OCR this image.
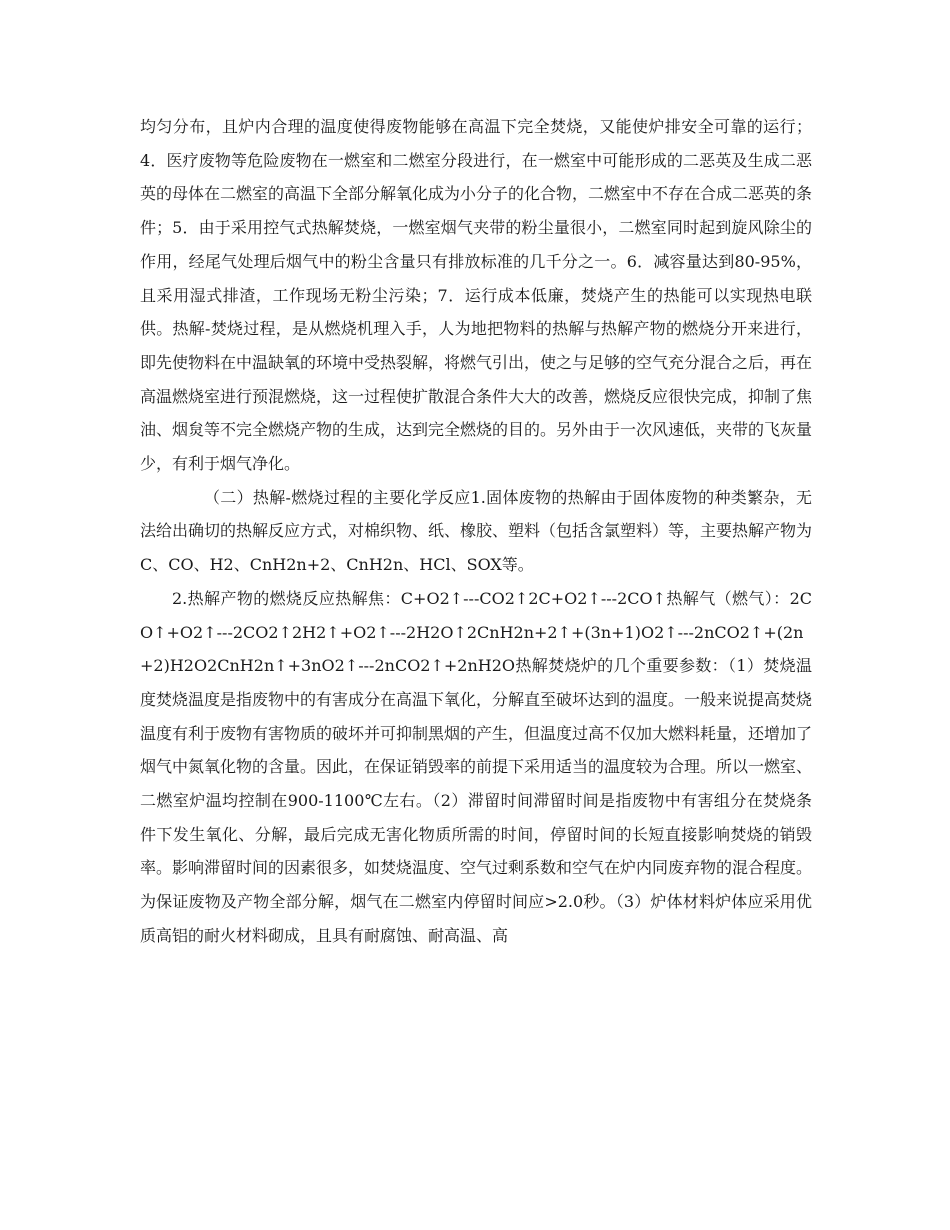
均匀分布，且炉内合理的温度使得废物能够在高温下完全焚烧，又能使炉排安全可靠的运行；4．医疗废物等危险废物在一燃室和二燃室分段进行，在一燃室中可能形成的二恶英及生成二恶英的母体在二燃室的高温下全部分解氧化成为小分子的化合物，二燃室中不存在合成二恶英的条件；5．由于采用控气式热解焚烧，一燃室烟气夹带的粉尘量很小，二燃室同时起到旋风除尘的作用，经尾气处理后烟气中的粉尘含量只有排放标准的几千分之一。6．减容量达到80-95%，且采用湿式排渣，工作现场无粉尘污染；7．运行成本低廉，焚烧产生的热能可以实现热电联供。热解-焚烧过程，是从燃烧机理入手，人为地把物料的热解与热解产物的燃烧分开来进行，即先使物料在中温缺氧的环境中受热裂解，将燃气引出，使之与足够的空气充分混合之后，再在高温燃烧室进行预混燃烧，这一过程使扩散混合条件大大的改善，燃烧反应很快完成，抑制了焦油、烟炱等不完全燃烧产物的生成，达到完全燃烧的目的。另外由于一次风速低，夹带的飞灰量少，有利于烟气净化。

（二）热解-燃烧过程的主要化学反应1.固体废物的热解由于固体废物的种类繁杂，无法给出确切的热解反应方式，对棉织物、纸、橡胶、塑料（包括含氯塑料）等，主要热解产物为C、CO、H2、CnH2n+2、CnH2n、HCl、SOX等。

2.热解产物的燃烧反应热解焦：C+O2↑---CO2↑2C+O2↑---2CO↑热解气（燃气）：2CO↑+O2↑---2CO2↑2H2↑+O2↑---2H2O↑2CnH2n+2↑+(3n+1)O2↑---2nCO2↑+(2n+2)H2O2CnH2n↑+3nO2↑---2nCO2↑+2nH2O热解焚烧炉的几个重要参数：（1）焚烧温度焚烧温度是指废物中的有害成分在高温下氧化，分解直至破坏达到的温度。一般来说提高焚烧温度有利于废物有害物质的破坏并可抑制黑烟的产生，但温度过高不仅加大燃料耗量，还增加了烟气中氮氧化物的含量。因此，在保证销毁率的前提下采用适当的温度较为合理。所以一燃室、二燃室炉温均控制在900-1100℃左右。（2）滞留时间滞留时间是指废物中有害组分在焚烧条件下发生氧化、分解，最后完成无害化物质所需的时间，停留时间的长短直接影响焚烧的销毁率。影响滞留时间的因素很多，如焚烧温度、空气过剩系数和空气在炉内同废弃物的混合程度。为保证废物及产物全部分解，烟气在二燃室内停留时间应>2.0秒。（3）炉体材料炉体应采用优质高铝的耐火材料砌成，且具有耐腐蚀、耐高温、高
